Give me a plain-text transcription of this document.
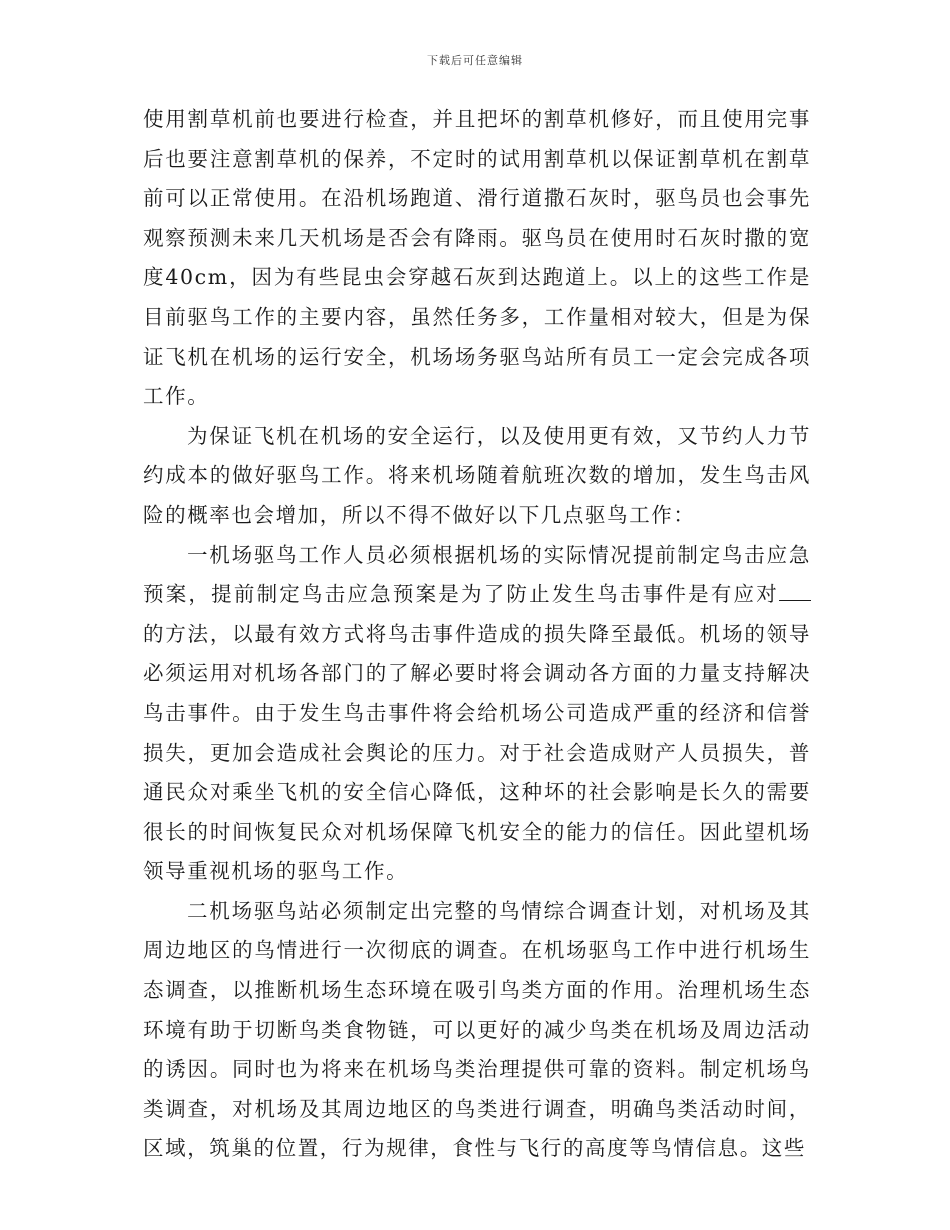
下载后可任意编辑

使用割草机前也要进行检查，并且把坏的割草机修好，而且使用完事后也要注意割草机的保养，不定时的试用割草机以保证割草机在割草前可以正常使用。在沿机场跑道、滑行道撒石灰时，驱鸟员也会事先观察预测未来几天机场是否会有降雨。驱鸟员在使用时石灰时撒的宽度40cm，因为有些昆虫会穿越石灰到达跑道上。以上的这些工作是目前驱鸟工作的主要内容，虽然任务多，工作量相对较大，但是为保证飞机在机场的运行安全，机场场务驱鸟站所有员工一定会完成各项工作。

为保证飞机在机场的安全运行，以及使用更有效，又节约人力节约成本的做好驱鸟工作。将来机场随着航班次数的增加，发生鸟击风险的概率也会增加，所以不得不做好以下几点驱鸟工作：

一机场驱鸟工作人员必须根据机场的实际情况提前制定鸟击应急预案，提前制定鸟击应急预案是为了防止发生鸟击事件是有应对的方法，以最有效方式将鸟击事件造成的损失降至最低。机场的领导必须运用对机场各部门的了解必要时将会调动各方面的力量支持解决鸟击事件。由于发生鸟击事件将会给机场公司造成严重的经济和信誉损失，更加会造成社会舆论的压力。对于社会造成财产人员损失，普通民众对乘坐飞机的安全信心降低，这种坏的社会影响是长久的需要很长的时间恢复民众对机场保障飞机安全的能力的信任。因此望机场领导重视机场的驱鸟工作。

二机场驱鸟站必须制定出完整的鸟情综合调查计划，对机场及其周边地区的鸟情进行一次彻底的调查。在机场驱鸟工作中进行机场生态调查，以推断机场生态环境在吸引鸟类方面的作用。治理机场生态环境有助于切断鸟类食物链，可以更好的减少鸟类在机场及周边活动的诱因。同时也为将来在机场鸟类治理提供可靠的资料。制定机场鸟类调查，对机场及其周边地区的鸟类进行调查，明确鸟类活动时间，区域，筑巢的位置，行为规律，食性与飞行的高度等鸟情信息。这些
